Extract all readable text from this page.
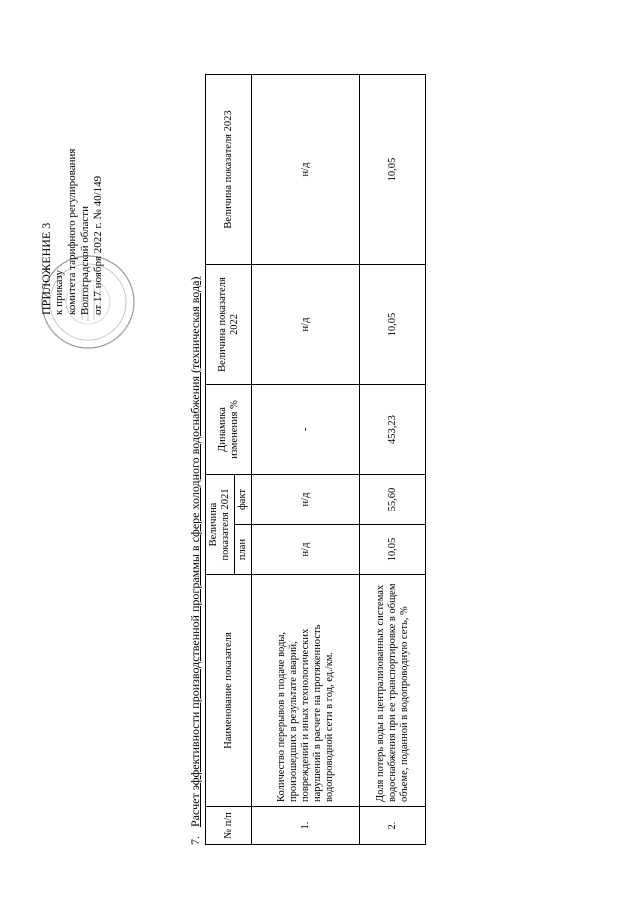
ПРИЛОЖЕНИЕ 3 к приказу комитета тарифного регулирования Волгоградской области от 17 ноября 2022 г. № 40/149
7. Расчет эффективности производственной программы в сфере холодного водоснабжения (техническая вода) № п/п	Наименование показателя	Величина показателя 2021		Динамика изменения %	Величина показателя 2022	Величина показателя 2023
		план	факт			
1.	Количество перерывов в подаче воды, произошедших в результате аварий, повреждений и иных технологических нарушений в расчете на протяженность водопроводной сети в год, ед./км.	н/д	н/д	-	н/д	н/д
2.	Доля потерь воды в централизованных системах водоснабжения при ее транспортировке в общем объеме, поданной в водопроводную сеть, %	10,05	55,60	453,23	10,05	10,05
